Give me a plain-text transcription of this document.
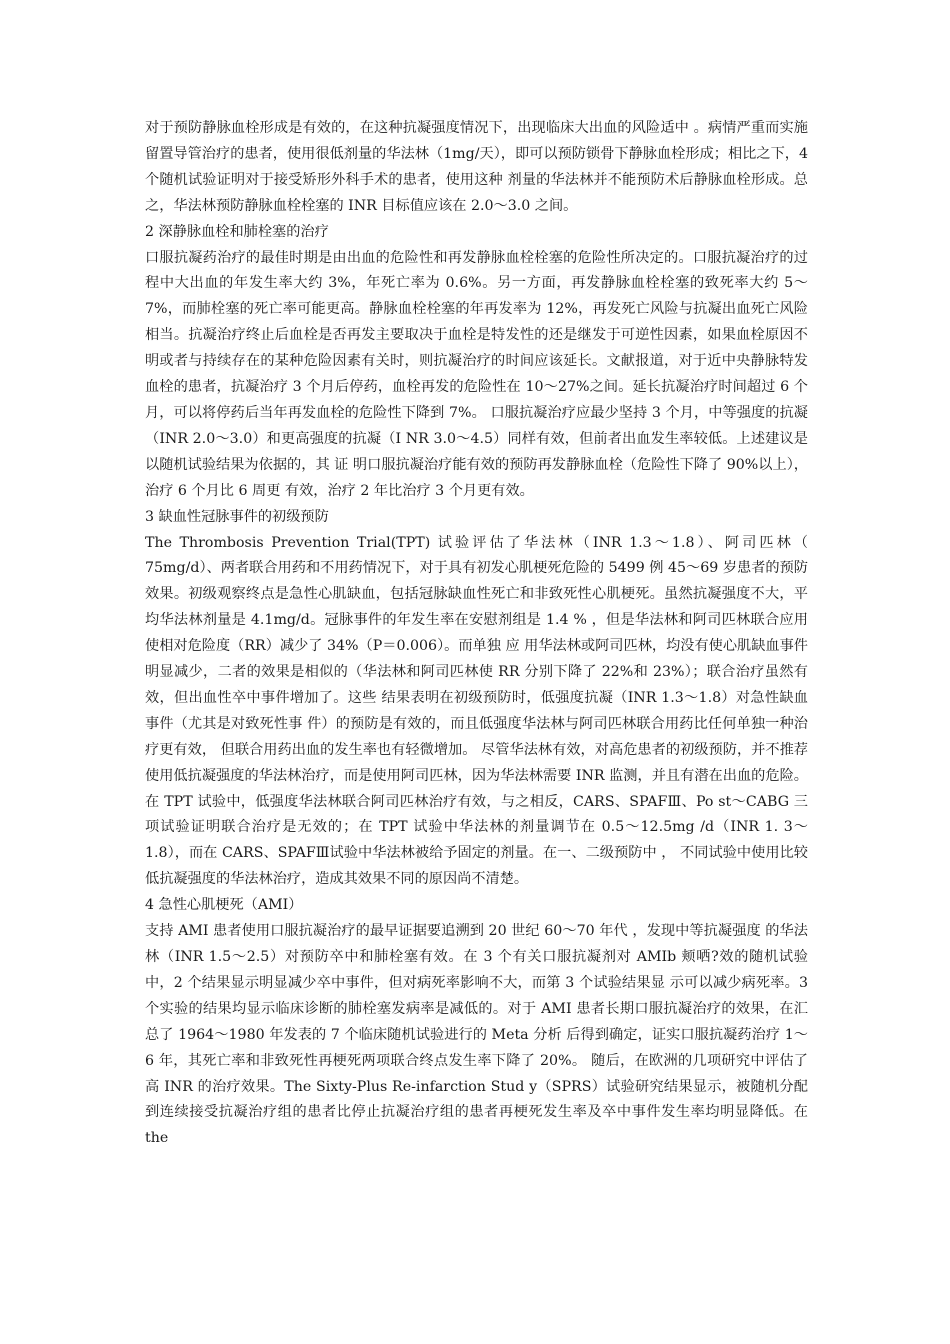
对于预防静脉血栓形成是有效的，在这种抗凝强度情况下，出现临床大出血的风险适中 。病情严重而实施留置导管治疗的患者，使用很低剂量的华法林（1mg/天），即可以预防锁骨下静脉血栓形成；相比之下，4 个随机试验证明对于接受矫形外科手术的患者，使用这种 剂量的华法林并不能预防术后静脉血栓形成。总之，华法林预防静脉血栓栓塞的 INR 目标值应该在 2.0～3.0 之间。

2 深静脉血栓和肺栓塞的治疗

口服抗凝药治疗的最佳时期是由出血的危险性和再发静脉血栓栓塞的危险性所决定的。口服抗凝治疗的过程中大出血的年发生率大约 3%，年死亡率为 0.6%。另一方面，再发静脉血栓栓塞的致死率大约 5～7%，而肺栓塞的死亡率可能更高。静脉血栓栓塞的年再发率为 12%，再发死亡风险与抗凝出血死亡风险相当。抗凝治疗终止后血栓是否再发主要取决于血栓是特发性的还是继发于可逆性因素，如果血栓原因不明或者与持续存在的某种危险因素有关时，则抗凝治疗的时间应该延长。文献报道，对于近中央静脉特发血栓的患者，抗凝治疗 3 个月后停药，血栓再发的危险性在 10～27%之间。延长抗凝治疗时间超过 6 个月，可以将停药后当年再发血栓的危险性下降到 7%。 口服抗凝治疗应最少坚持 3 个月，中等强度的抗凝（INR 2.0～3.0）和更高强度的抗凝（I NR 3.0～4.5）同样有效，但前者出血发生率较低。上述建议是以随机试验结果为依据的，其 证 明口服抗凝治疗能有效的预防再发静脉血栓（危险性下降了 90%以上），治疗 6 个月比 6 周更 有效，治疗 2 年比治疗 3 个月更有效。

3 缺血性冠脉事件的初级预防

The Thrombosis Prevention Trial(TPT) 试验评估了华法林（INR 1.3～1.8）、阿司匹林（ 75mg/d）、两者联合用药和不用药情况下，对于具有初发心肌梗死危险的 5499 例 45～69 岁患者的预防效果。初级观察终点是急性心肌缺血，包括冠脉缺血性死亡和非致死性心肌梗死。虽然抗凝强度不大，平均华法林剂量是 4.1mg/d。冠脉事件的年发生率在安慰剂组是 1.4 % ，但是华法林和阿司匹林联合应用使相对危险度（RR）减少了 34%（P＝0.006）。而单独 应 用华法林或阿司匹林，均没有使心肌缺血事件明显减少，二者的效果是相似的（华法林和阿司匹林使 RR 分别下降了 22%和 23%）；联合治疗虽然有效，但出血性卒中事件增加了。这些 结果表明在初级预防时，低强度抗凝（INR 1.3～1.8）对急性缺血事件（尤其是对致死性事 件）的预防是有效的，而且低强度华法林与阿司匹林联合用药比任何单独一种治疗更有效， 但联合用药出血的发生率也有轻微增加。 尽管华法林有效，对高危患者的初级预防，并不推荐使用低抗凝强度的华法林治疗，而是使用阿司匹林，因为华法林需要 INR 监测，并且有潜在出血的危险。 在 TPT 试验中，低强度华法林联合阿司匹林治疗有效，与之相反，CARS、SPAFⅢ、Po st～CABG 三项试验证明联合治疗是无效的；在 TPT 试验中华法林的剂量调节在 0.5～12.5mg /d（INR 1. 3～1.8），而在 CARS、SPAFⅢ试验中华法林被给予固定的剂量。在一、二级预防中 ， 不同试验中使用比较低抗凝强度的华法林治疗，造成其效果不同的原因尚不清楚。

4 急性心肌梗死（AMI）

支持 AMI 患者使用口服抗凝治疗的最早证据要追溯到 20 世纪 60～70 年代 ，发现中等抗凝强度 的华法林（INR 1.5～2.5）对预防卒中和肺栓塞有效。在 3 个有关口服抗凝剂对 AMIb 颊哂?效的随机试验中，2 个结果显示明显减少卒中事件，但对病死率影响不大，而第 3 个试验结果显 示可以减少病死率。3 个实验的结果均显示临床诊断的肺栓塞发病率是减低的。对于 AMI 患者长期口服抗凝治疗的效果，在汇总了 1964～1980 年发表的 7 个临床随机试验进行的 Meta 分析 后得到确定，证实口服抗凝药治疗 1～6 年，其死亡率和非致死性再梗死两项联合终点发生率下降了 20%。 随后，在欧洲的几项研究中评估了高 INR 的治疗效果。The Sixty-Plus Re-infarction Stud y（SPRS）试验研究结果显示，被随机分配到连续接受抗凝治疗组的患者比停止抗凝治疗组的患者再梗死发生率及卒中事件发生率均明显降低。在 the
